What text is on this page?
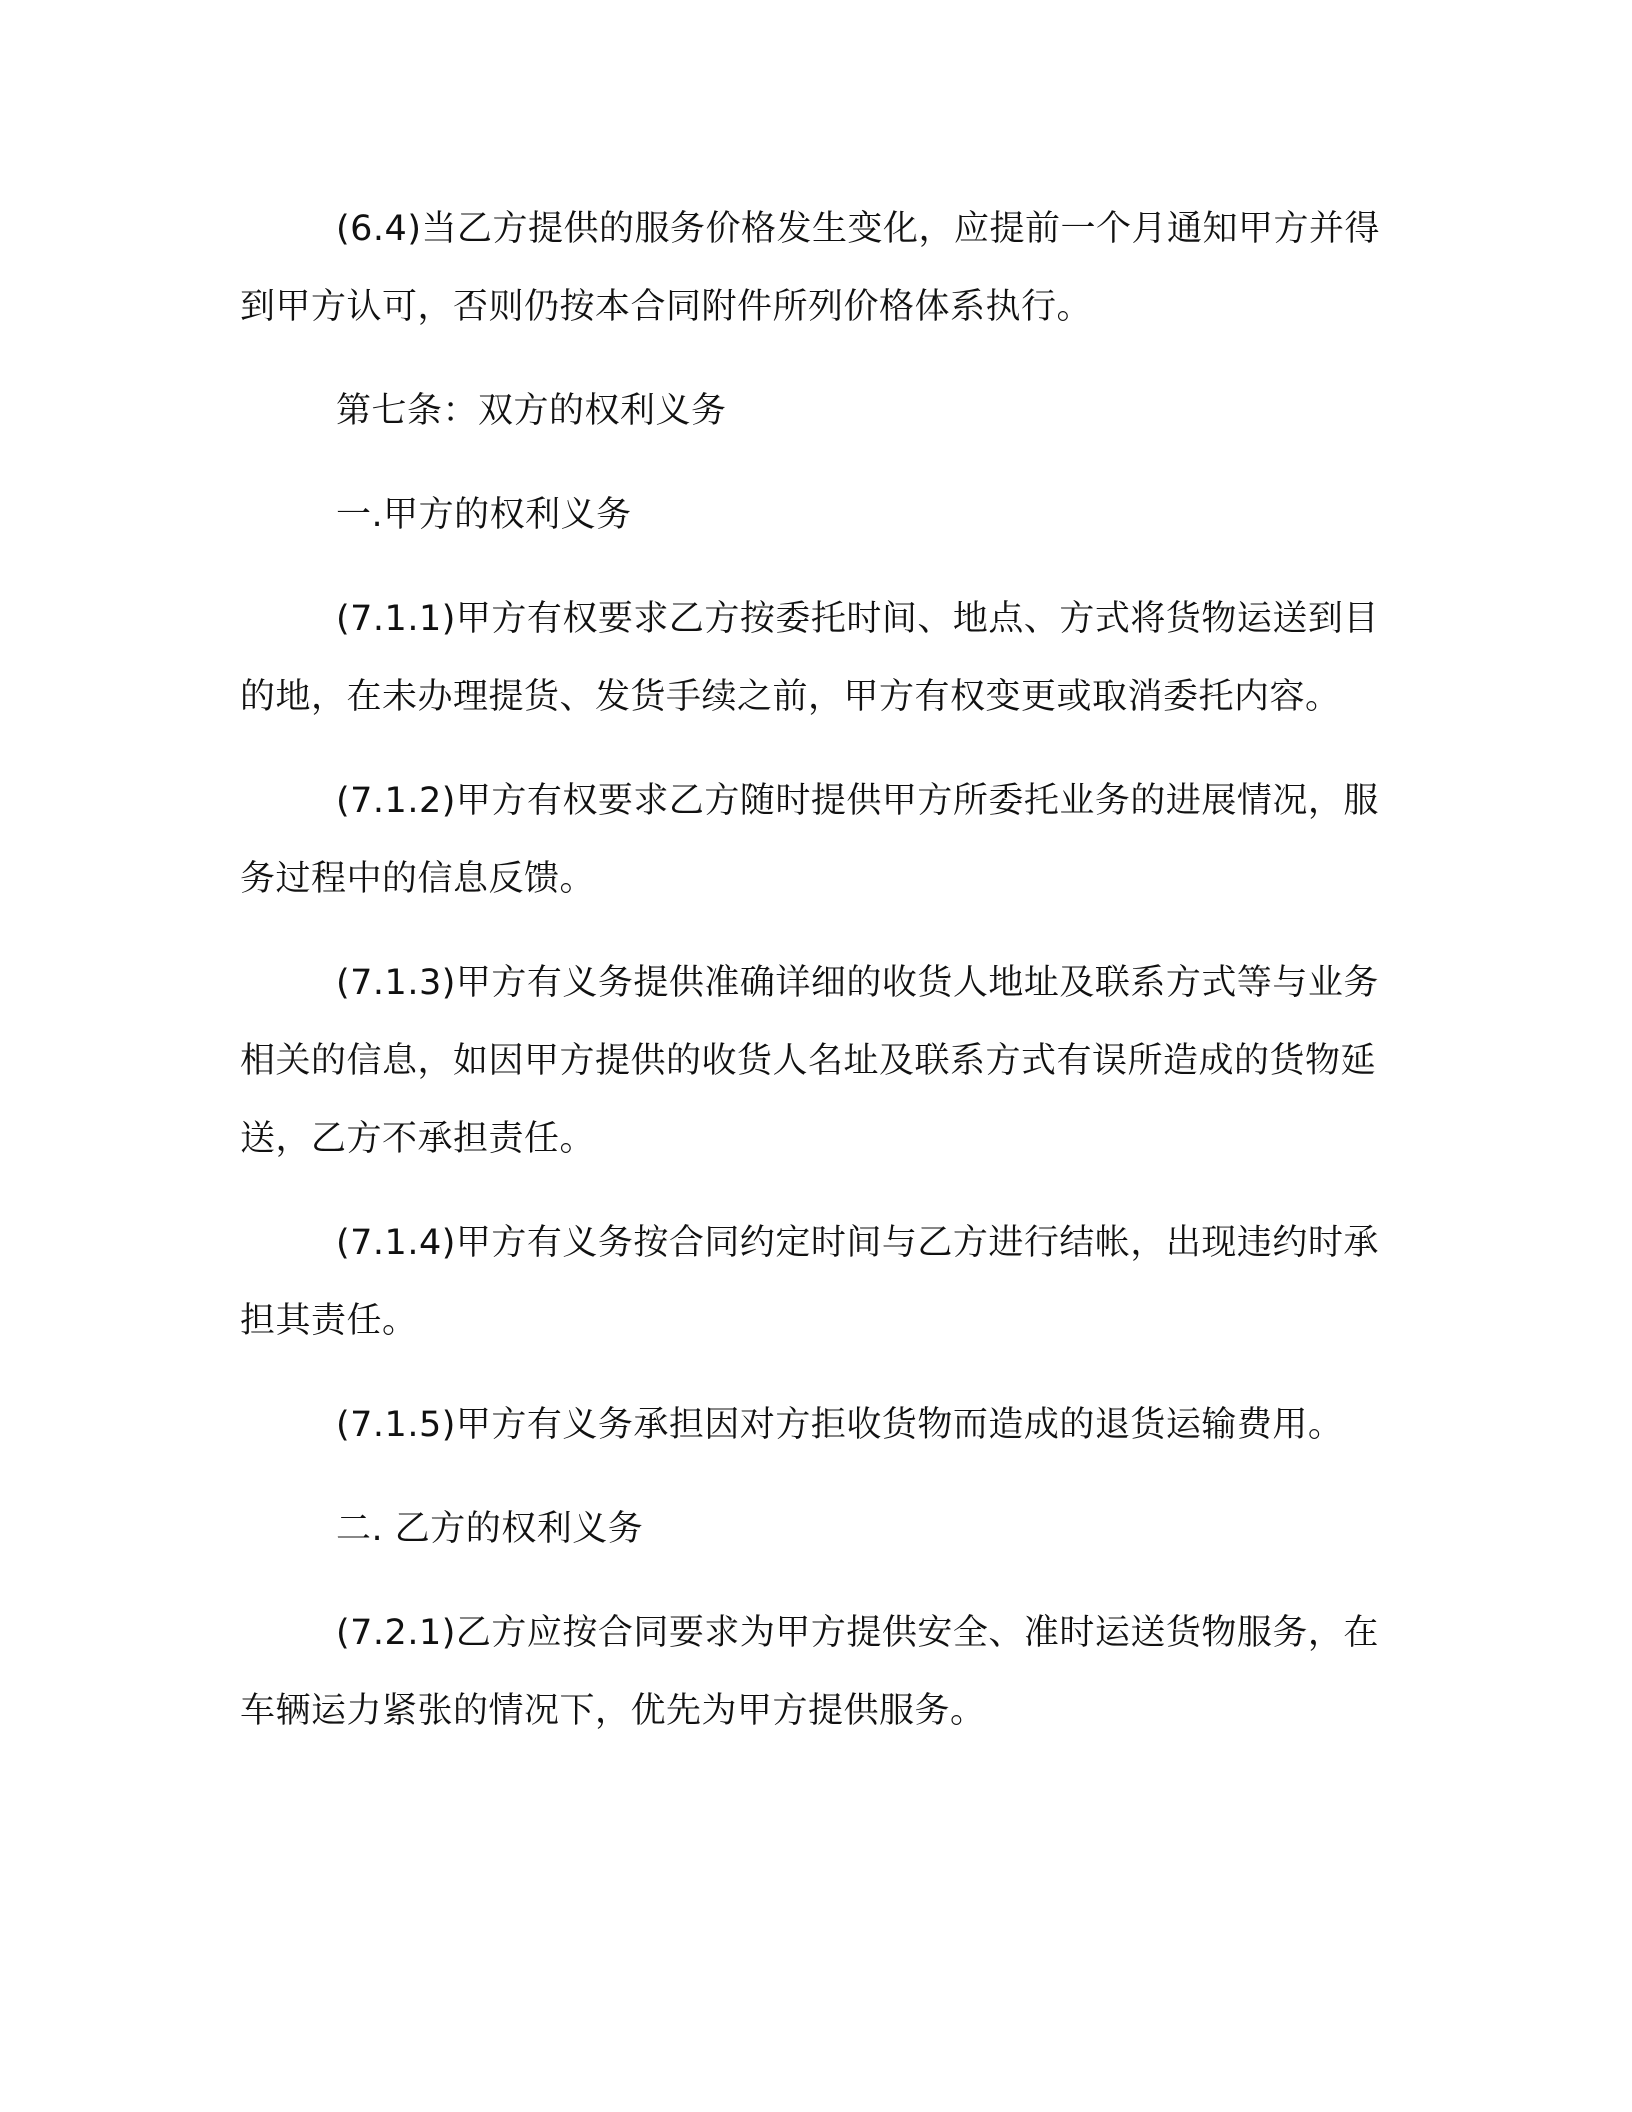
(6.4)当乙方提供的服务价格发生变化，应提前一个月通知甲方并得到甲方认可，否则仍按本合同附件所列价格体系执行。

第七条：双方的权利义务

一.甲方的权利义务

(7.1.1)甲方有权要求乙方按委托时间、地点、方式将货物运送到目的地，在未办理提货、发货手续之前，甲方有权变更或取消委托内容。

(7.1.2)甲方有权要求乙方随时提供甲方所委托业务的进展情况，服务过程中的信息反馈。

(7.1.3)甲方有义务提供准确详细的收货人地址及联系方式等与业务相关的信息，如因甲方提供的收货人名址及联系方式有误所造成的货物延送，乙方不承担责任。

(7.1.4)甲方有义务按合同约定时间与乙方进行结帐，出现违约时承担其责任。

(7.1.5)甲方有义务承担因对方拒收货物而造成的退货运输费用。

二. 乙方的权利义务

(7.2.1)乙方应按合同要求为甲方提供安全、准时运送货物服务，在车辆运力紧张的情况下，优先为甲方提供服务。
